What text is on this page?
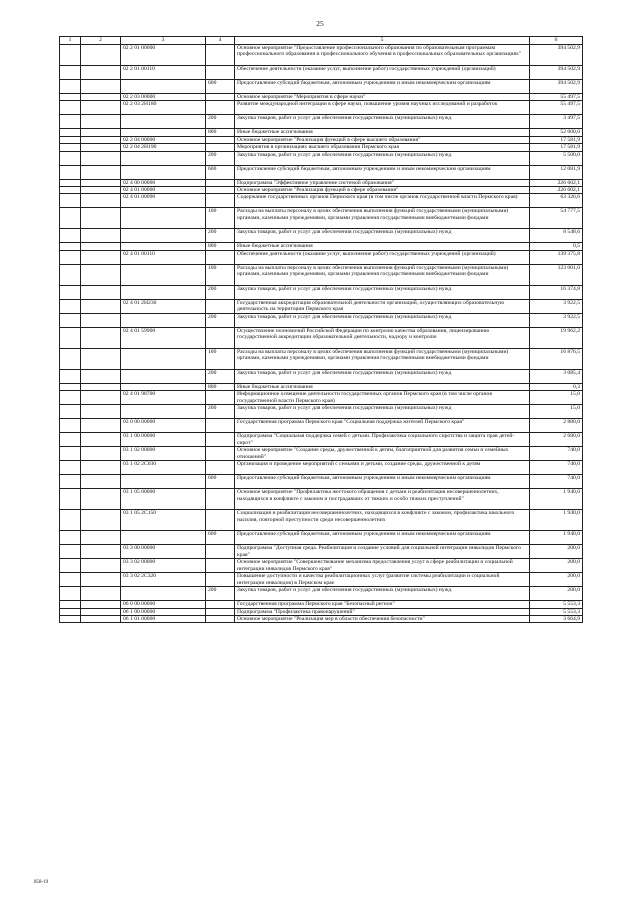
25
1	2	3	4	5	6
		02 2 01 00000		Основное мероприятие "Предоставление профессионального образования по образовательным программам профессионального образования и профессионального обучения в профессиональных образовательных организациях"	394 502,9
		02 2 01 00110		Обеспечение деятельности (оказание услуг, выполнение работ) государственных учреждений (организаций)	394 502,9
			600	Предоставление субсидий бюджетным, автономным учреждениям и иным некоммерческим организациям	394 502,9
		02 2 03 00000		Основное мероприятие "Мероприятия в сфере науки"	55 497,5
		02 2 03 2Н180		Развитие международной интеграции в сфере науки, повышение уровня научных исследований и разработок	55 497,5
			200	Закупка товаров, работ и услуг для обеспечения государственных (муниципальных) нужд	3 497,5
			800	Иные бюджетные ассигнования	52 000,0
		02 2 04 00000		Основное мероприятие "Реализация функций в сфере высшего образования"	17 581,9
		02 2 04 2Н190		Мероприятия в организациях высшего образования Пермского края	17 581,9
			200	Закупка товаров, работ и услуг для обеспечения государственных (муниципальных) нужд	5 500,0
			600	Предоставление субсидий бюджетным, автономным учреждениям и иным некоммерческим организациям	12 081,9
		02 4 00 00000		Подпрограмма "Эффективное управление системой образования"	226 602,1
		02 4 01 00000		Основное мероприятие "Реализация функций в сфере образования"	226 602,1
		02 4 01 00090		Содержание государственных органов Пермского края (в том числе органов государственной власти Пермского края)	63 326,6
			100	Расходы на выплаты персоналу в целях обеспечения выполнения функций государственными (муниципальными) органами, казенными учреждениями, органами управления государственными внебюджетными фондами	54 777,5
			200	Закупка товаров, работ и услуг для обеспечения государственных (муниципальных) нужд	8 548,6
			800	Иные бюджетные ассигнования	0,5
		02 4 01 00110		Обеспечение деятельности (оказание услуг, выполнение работ) государственных учреждений (организаций)	139 375,8
			100	Расходы на выплаты персоналу в целях обеспечения выполнения функций государственными (муниципальными) органами, казенными учреждениями, органами управления государственными внебюджетными фондами	123 001,0
			200	Закупка товаров, работ и услуг для обеспечения государственных (муниципальных) нужд	16 374,8
		02 4 01 2Н230		Государственная аккредитация образовательной деятельности организаций, осуществляющих образовательную деятельность на территории Пермского края	3 922,5
			200	Закупка товаров, работ и услуг для обеспечения государственных (муниципальных) нужд	3 922,5
		02 4 01 59900		Осуществление полномочий Российской Федерации по контролю качества образования, лицензированию государственной аккредитации образовательной деятельности, надзору и контролю	19 962,2
			100	Расходы на выплаты персоналу в целях обеспечения выполнения функций государственными (муниципальными) органами, казенными учреждениями, органами управления государственными внебюджетными фондами	16 876,5
			200	Закупка товаров, работ и услуг для обеспечения государственных (муниципальных) нужд	3 085,4
			800	Иные бюджетные ассигнования	0,3
		02 4 01 98700		Информационное освещение деятельности государственных органов Пермского края (в том числе органов государственной власти Пермского края)	15,0
			200	Закупка товаров, работ и услуг для обеспечения государственных (муниципальных) нужд	15,0
		03 0 00 00000		Государственная программа Пермского края "Социальная поддержка жителей Пермского края"	2 880,0
		03 1 00 00000		Подпрограмма "Социальная поддержка семей с детьми. Профилактика социального сиротства и защита прав детей-сирот"	2 680,0
		03 1 02 00000		Основное мероприятие "Создание среды, дружественной к детям, благоприятной для развития семьи и семейных отношений"	740,0
		03 1 02 2С030		Организация и проведение мероприятий с семьями и детьми, создание среды, дружественной к детям	740,0
			600	Предоставление субсидий бюджетным, автономным учреждениям и иным некоммерческим организациям	740,0
		03 1 05 00000		Основное мероприятие "Профилактика жестокого обращения с детьми и реабилитация несовершеннолетних, находящихся в конфликте с законом и пострадавших от тяжких и особо тяжких преступлений"	1 940,0
		03 1 05 2С150		Социализация и реабилитация несовершеннолетних, находящихся в конфликте с законом, профилактика школьного насилия, повторной преступности среди несовершеннолетних	1 940,0
			600	Предоставление субсидий бюджетным, автономным учреждениям и иным некоммерческим организациям	1 940,0
		03 3 00 00000		Подпрограмма "Доступная среда. Реабилитация и создание условий для социальной интеграции инвалидов Пермского края"	200,0
		03 3 02 00000		Основное мероприятие "Совершенствование механизма предоставления услуг в сфере реабилитации и социальной интеграции инвалидов Пермского края"	200,0
		03 3 02 2С320		Повышение доступности и качества реабилитационных услуг (развитие системы реабилитации и социальной интеграции инвалидов) в Пермском крае	200,0
			200	Закупка товаров, работ и услуг для обеспечения государственных (муниципальных) нужд	200,0
		06 0 00 00000		Государственная программа Пермского края "Безопасный регион"	5 553,3
		06 1 00 00000		Подпрограмма "Профилактика правонарушений"	5 553,3
		06 1 01 00000		Основное мероприятие "Реализация мер в области обеспечения безопасности"	3 664,9
858-19
